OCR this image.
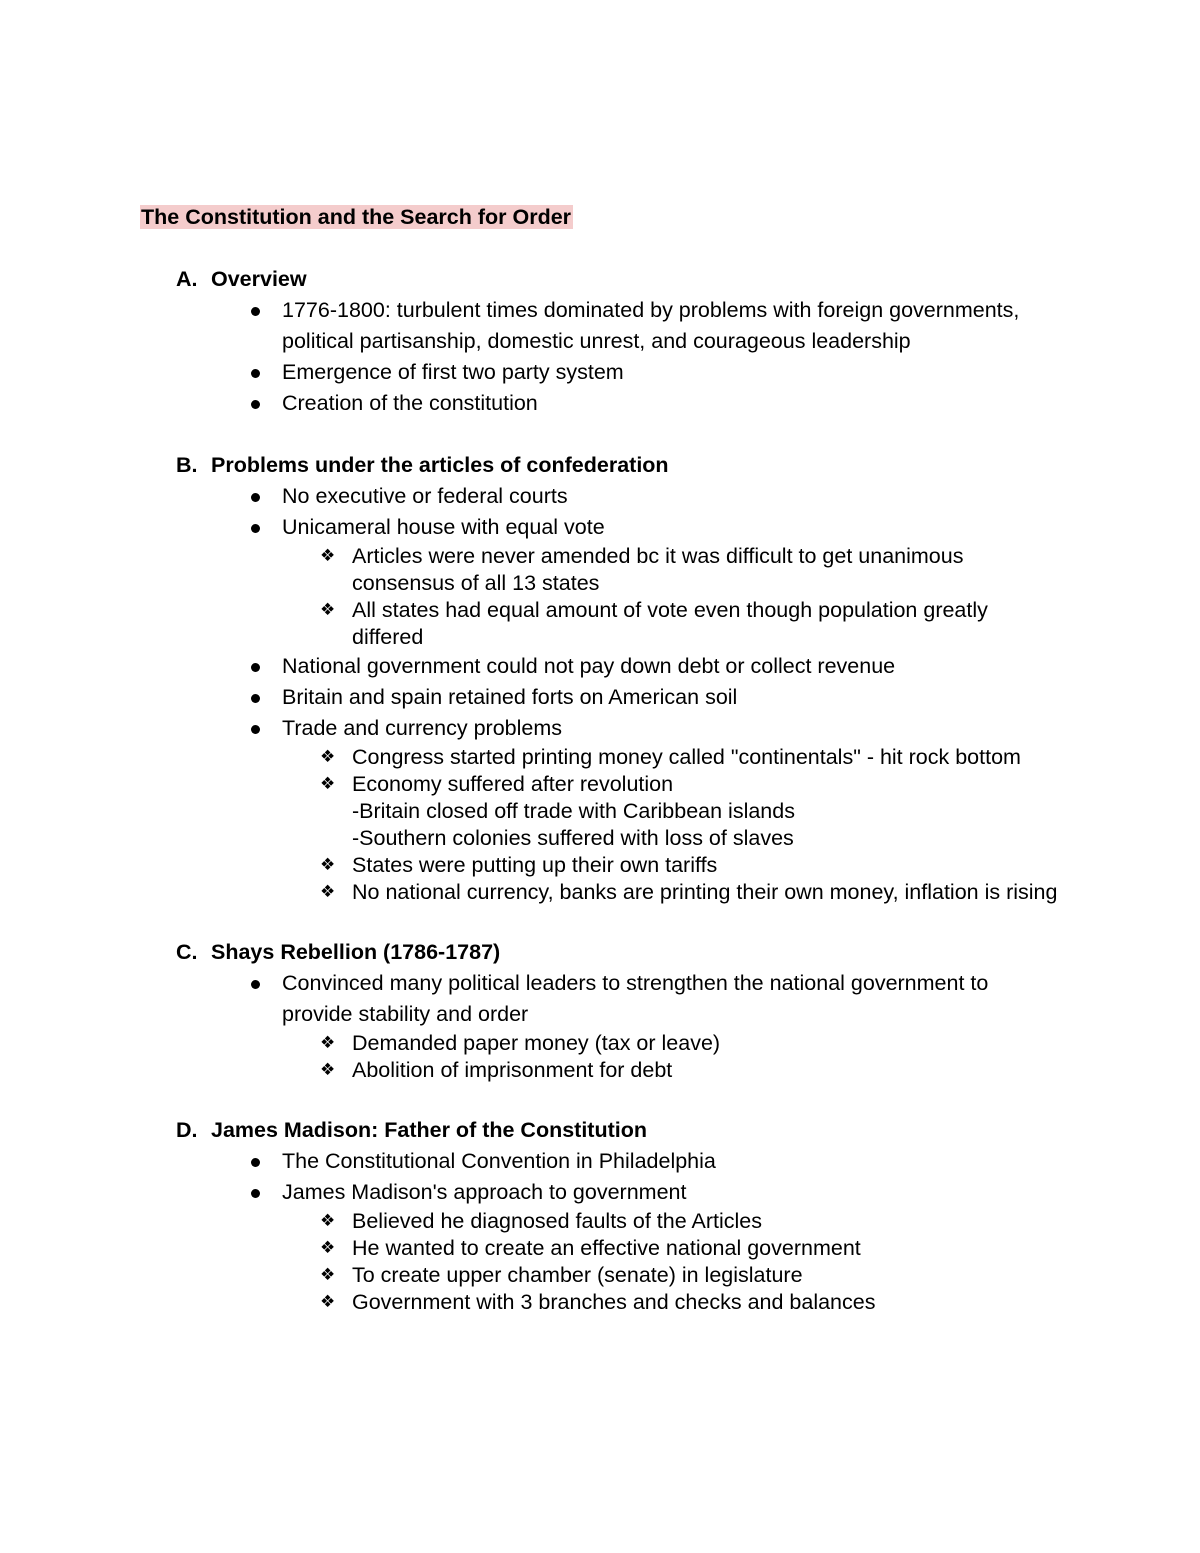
The Constitution and the Search for Order
A. Overview
1776-1800: turbulent times dominated by problems with foreign governments, political partisanship, domestic unrest, and courageous leadership
Emergence of first two party system
Creation of the constitution
B. Problems under the articles of confederation
No executive or federal courts
Unicameral house with equal vote
❖ Articles were never amended bc it was difficult to get unanimous consensus of all 13 states
❖ All states had equal amount of vote even though population greatly differed
National government could not pay down debt or collect revenue
Britain and spain retained forts on American soil
Trade and currency problems
❖ Congress started printing money called "continentals" - hit rock bottom
❖ Economy suffered after revolution
-Britain closed off trade with Caribbean islands
-Southern colonies suffered with loss of slaves
❖ States were putting up their own tariffs
❖ No national currency, banks are printing their own money, inflation is rising
C. Shays Rebellion (1786-1787)
Convinced many political leaders to strengthen the national government to provide stability and order
❖ Demanded paper money (tax or leave)
❖ Abolition of imprisonment for debt
D. James Madison: Father of the Constitution
The Constitutional Convention in Philadelphia
James Madison's approach to government
❖ Believed he diagnosed faults of the Articles
❖ He wanted to create an effective national government
❖ To create upper chamber (senate) in legislature
❖ Government with 3 branches and checks and balances
